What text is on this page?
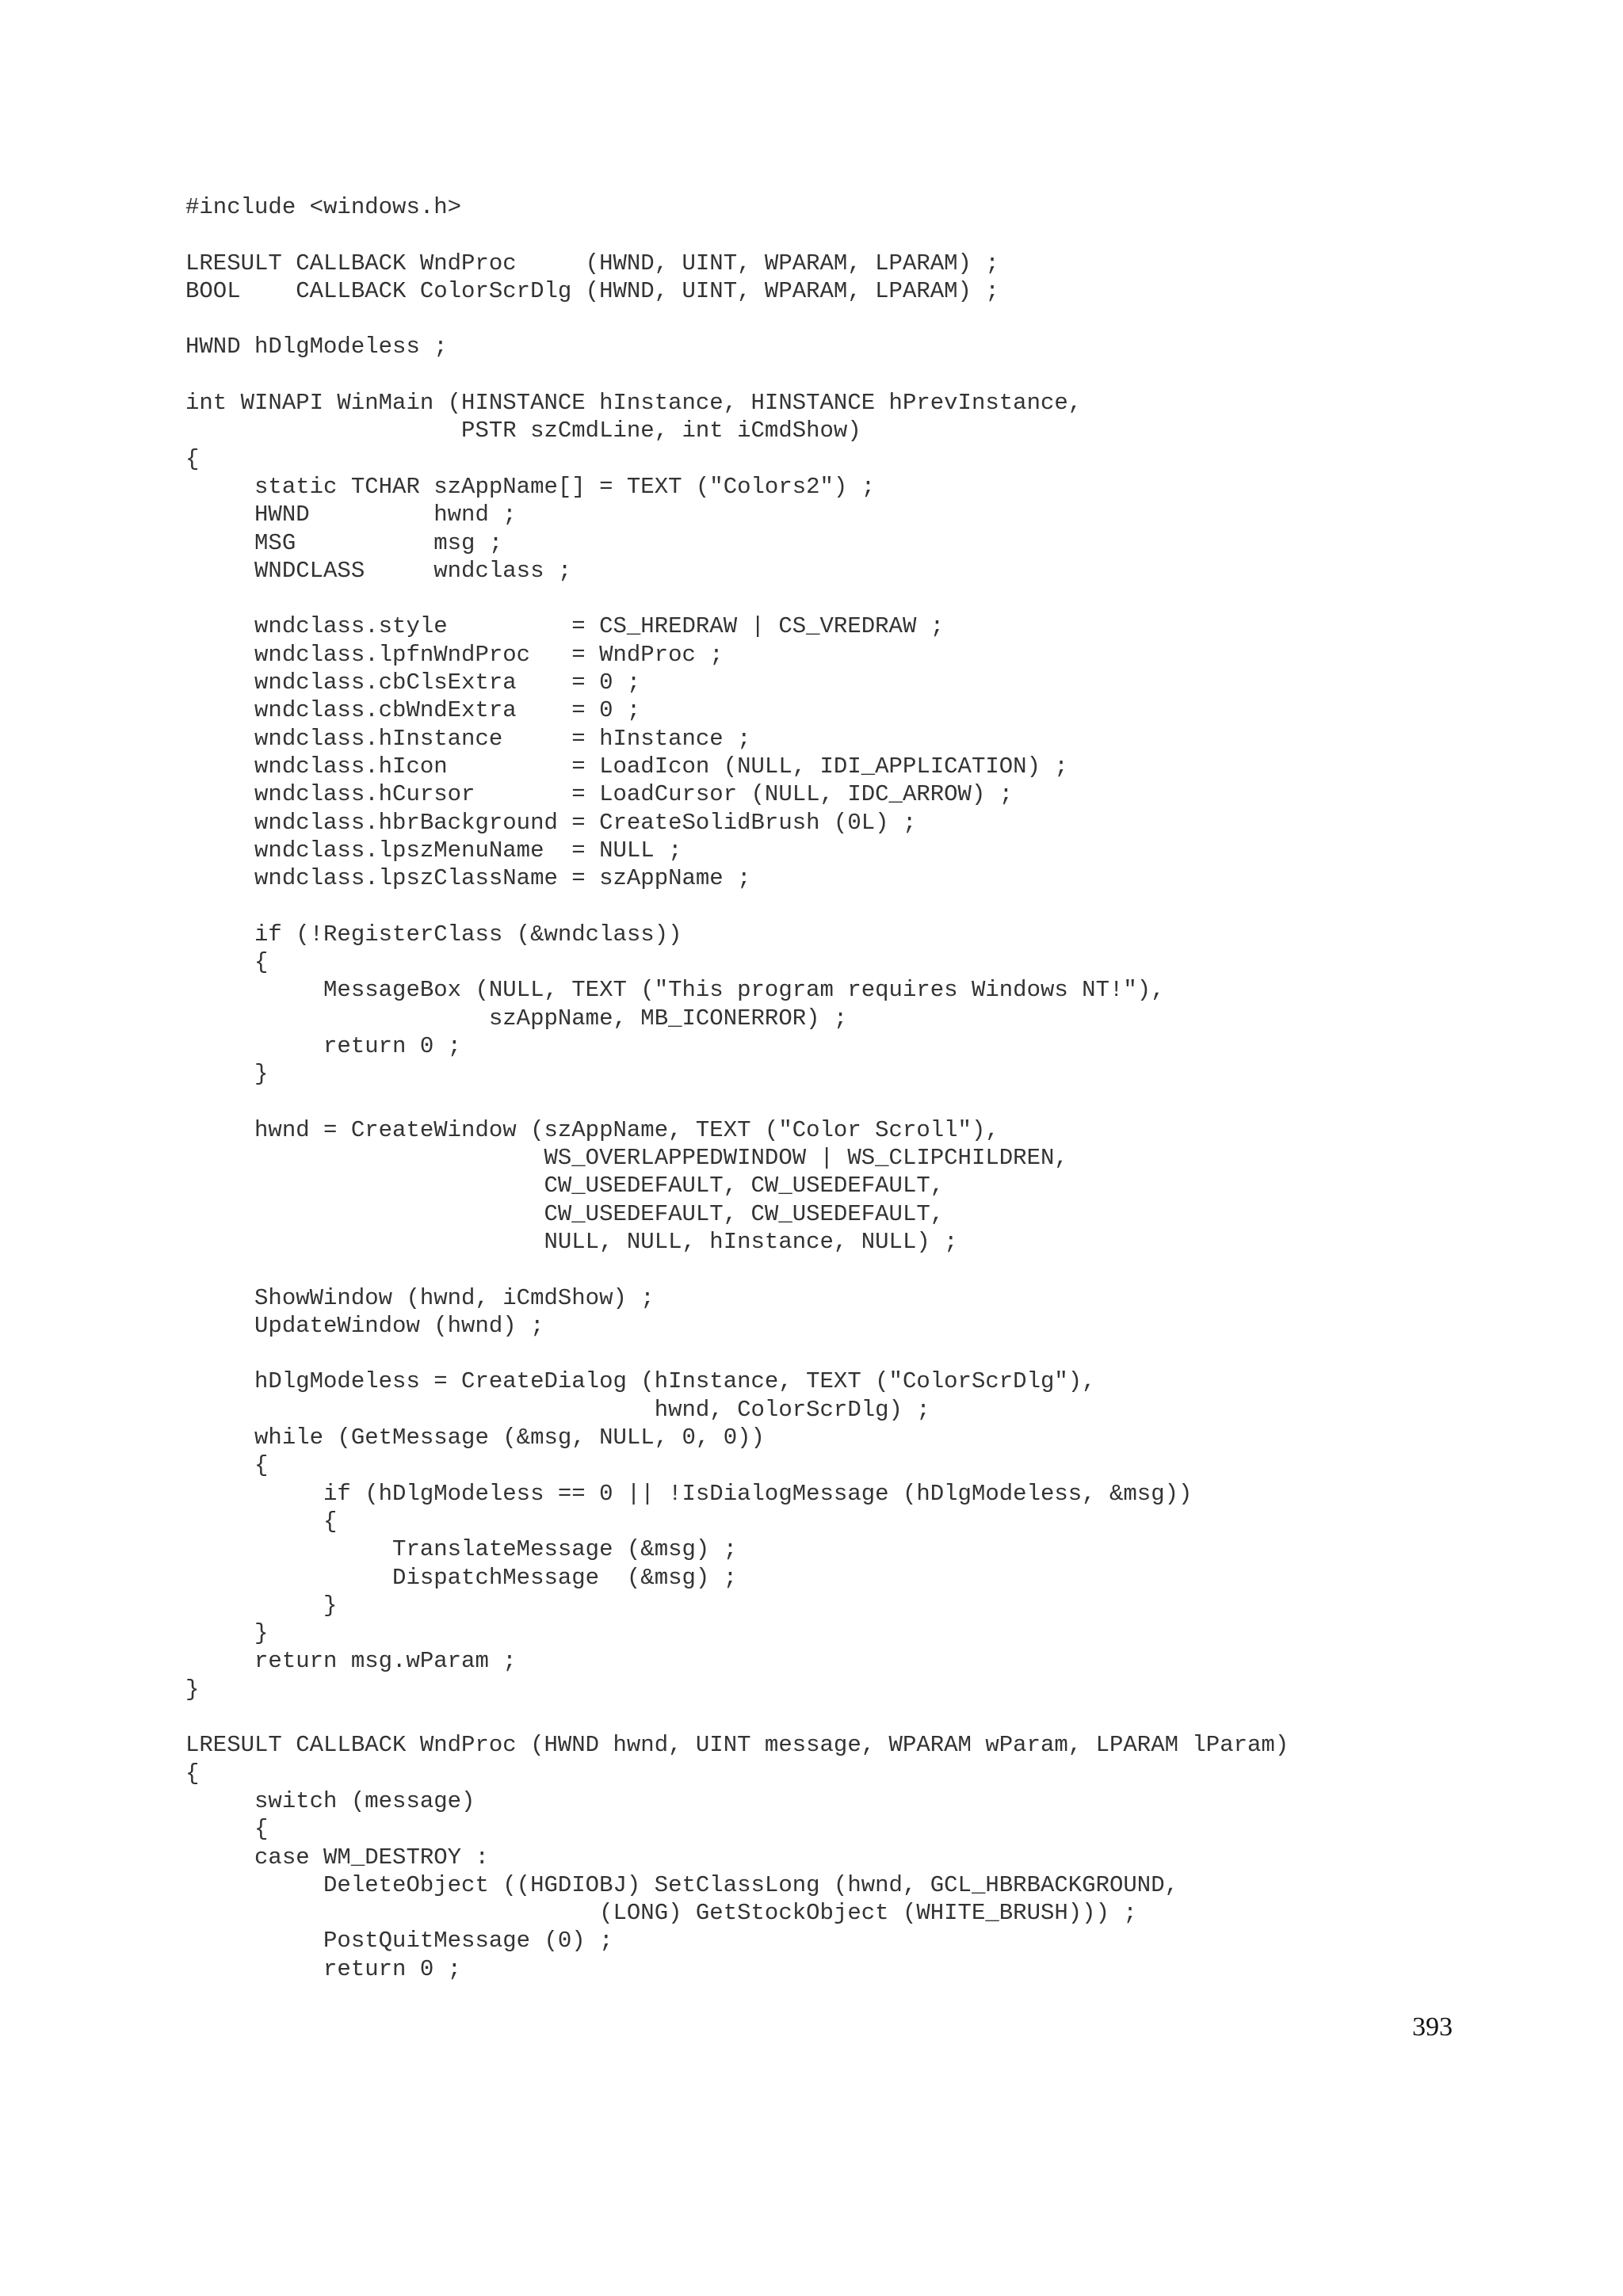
#include <windows.h>
LRESULT CALLBACK WndProc     (HWND, UINT, WPARAM, LPARAM) ;
BOOL    CALLBACK ColorScrDlg (HWND, UINT, WPARAM, LPARAM) ;
HWND hDlgModeless ;
int WINAPI WinMain (HINSTANCE hInstance, HINSTANCE hPrevInstance,
PSTR szCmdLine, int iCmdShow)
{
static TCHAR szAppName[] = TEXT ("Colors2") ;
HWND         hwnd ;
MSG          msg ;
WNDCLASS     wndclass ;
wndclass.style         = CS_HREDRAW | CS_VREDRAW ;
wndclass.lpfnWndProc   = WndProc ;
wndclass.cbClsExtra    = 0 ;
wndclass.cbWndExtra    = 0 ;
wndclass.hInstance     = hInstance ;
wndclass.hIcon         = LoadIcon (NULL, IDI_APPLICATION) ;
wndclass.hCursor       = LoadCursor (NULL, IDC_ARROW) ;
wndclass.hbrBackground = CreateSolidBrush (0L) ;
wndclass.lpszMenuName  = NULL ;
wndclass.lpszClassName = szAppName ;
if (!RegisterClass (&wndclass))
{
MessageBox (NULL, TEXT ("This program requires Windows NT!"),
szAppName, MB_ICONERROR) ;
return 0 ;
}
hwnd = CreateWindow (szAppName, TEXT ("Color Scroll"),
WS_OVERLAPPEDWINDOW | WS_CLIPCHILDREN,
CW_USEDEFAULT, CW_USEDEFAULT,
CW_USEDEFAULT, CW_USEDEFAULT,
NULL, NULL, hInstance, NULL) ;
ShowWindow (hwnd, iCmdShow) ;
UpdateWindow (hwnd) ;
hDlgModeless = CreateDialog (hInstance, TEXT ("ColorScrDlg"),
hwnd, ColorScrDlg) ;
while (GetMessage (&msg, NULL, 0, 0))
{
if (hDlgModeless == 0 || !IsDialogMessage (hDlgModeless, &msg))
{
TranslateMessage (&msg) ;
DispatchMessage  (&msg) ;
}
}
return msg.wParam ;
}
LRESULT CALLBACK WndProc (HWND hwnd, UINT message, WPARAM wParam, LPARAM lParam)
{
switch (message)
{
case WM_DESTROY :
DeleteObject ((HGDIOBJ) SetClassLong (hwnd, GCL_HBRBACKGROUND,
(LONG) GetStockObject (WHITE_BRUSH))) ;
PostQuitMessage (0) ;
return 0 ;
393
